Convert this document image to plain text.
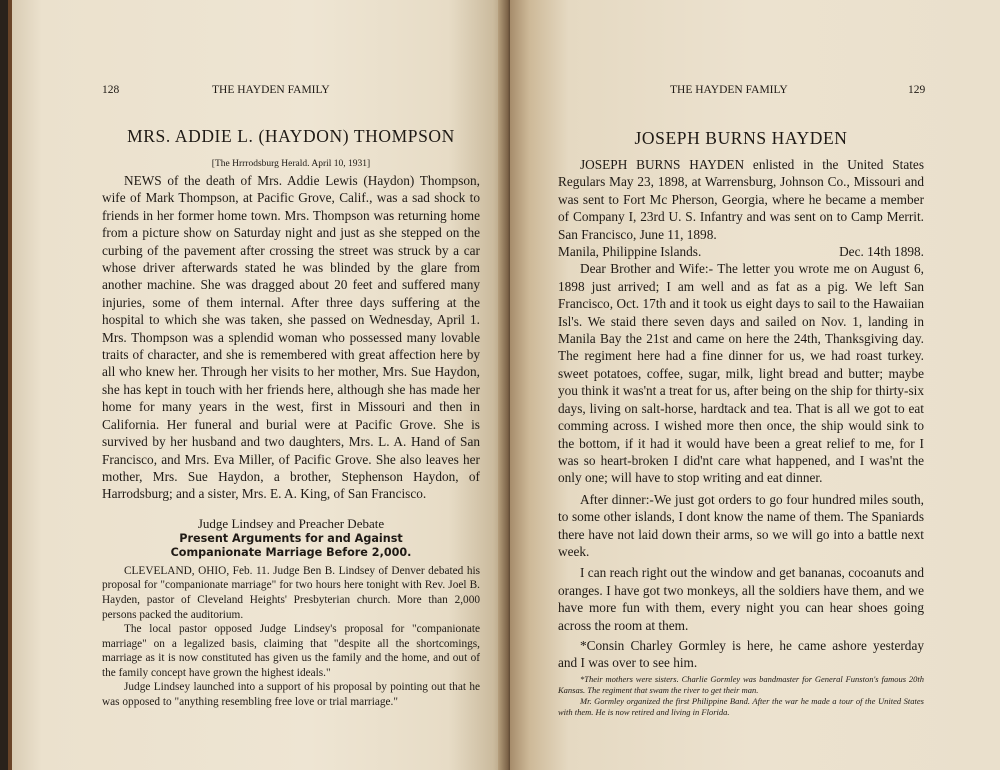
128	THE HAYDEN FAMILY
MRS. ADDIE L. (HAYDON) THOMPSON
[The Hrrrodsburg Herald. April 10, 1931]

NEWS of the death of Mrs. Addie Lewis (Haydon) Thompson, wife of Mark Thompson, at Pacific Grove, Calif., was a sad shock to friends in her former home town. Mrs. Thompson was returning home from a picture show on Saturday night and just as she stepped on the curbing of the pavement after crossing the street was struck by a car whose driver afterwards stated he was blinded by the glare from another machine. She was dragged about 20 feet and suffered many injuries, some of them internal. After three days suffering at the hospital to which she was taken, she passed on Wednesday, April 1. Mrs. Thompson was a splendid woman who possessed many lovable traits of character, and she is remembered with great affection here by all who knew her. Through her visits to her mother, Mrs. Sue Haydon, she has kept in touch with her friends here, although she has made her home for many years in the west, first in Missouri and then in California. Her funeral and burial were at Pacific Grove. She is survived by her husband and two daughters, Mrs. L. A. Hand of San Francisco, and Mrs. Eva Miller, of Pacific Grove. She also leaves her mother, Mrs. Sue Haydon, a brother, Stephenson Haydon, of Harrodsburg; and a sister, Mrs. E. A. King, of San Francisco.

Judge Lindsey and Preacher Debate

Present Arguments for and Against Companionate Marriage Before 2,000.

CLEVELAND, OHIO, Feb. 11. Judge Ben B. Lindsey of Denver debated his proposal for "companionate marriage" for two hours here tonight with Rev. Joel B. Hayden, pastor of Cleveland Heights' Presbyterian church. More than 2,000 persons packed the auditorium.

The local pastor opposed Judge Lindsey's proposal for "companionate marriage" on a legalized basis, claiming that "despite all the shortcomings, marriage as it is now constituted has given us the family and the home, and out of the family concept have grown the highest ideals."

Judge Lindsey launched into a support of his proposal by pointing out that he was opposed to "anything resembling free love or trial marriage."

THE HAYDEN FAMILY	129
JOSEPH BURNS HAYDEN

JOSEPH BURNS HAYDEN enlisted in the United States Regulars May 23, 1898, at Warrensburg, Johnson Co., Missouri and was sent to Fort Mc Pherson, Georgia, where he became a member of Company I, 23rd U. S. Infantry and was sent on to Camp Merrit. San Francisco, June 11, 1898.

Manila, Philippine Islands.	Dec. 14th 1898.

Dear Brother and Wife:- The letter you wrote me on August 6, 1898 just arrived; I am well and as fat as a pig. We left San Francisco, Oct. 17th and it took us eight days to sail to the Hawaiian Isl's. We staid there seven days and sailed on Nov. 1, landing in Manila Bay the 21st and came on here the 24th, Thanksgiving day. The regiment here had a fine dinner for us, we had roast turkey. sweet potatoes, coffee, sugar, milk, light bread and butter; maybe you think it was'nt a treat for us, after being on the ship for thirty-six days, living on salt-horse, hardtack and tea. That is all we got to eat comming across. I wished more then once, the ship would sink to the bottom, if it had it would have been a great relief to me, for I was so heart-broken I did'nt care what happened, and I was'nt the only one; will have to stop writing and eat dinner.

After dinner:-We just got orders to go four hundred miles south, to some other islands, I dont know the name of them. The Spaniards there have not laid down their arms, so we will go into a battle next week.

I can reach right out the window and get bananas, cocoanuts and oranges. I have got two monkeys, all the soldiers have them, and we have more fun with them, every night you can hear shoes going across the room at them.

*Consin Charley Gormley is here, he came ashore yesterday and I was over to see him.

*Their mothers were sisters. Charlie Gormley was bandmaster for General Funston's famous 20th Kansas. The regiment that swam the river to get their man.

Mr. Gormley organized the first Philippine Band. After the war he made a tour of the United States with them. He is now retired and living in Florida.
